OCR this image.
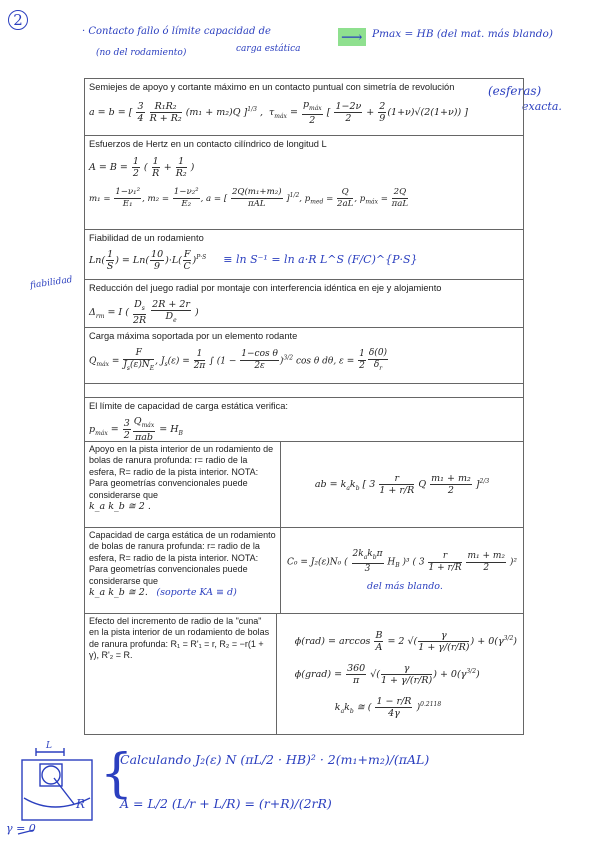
2
· Contacto fallo ó límite capacidad de
carga estática
(no del rodamiento)
⟶ Pmax = HB (del mat. más blando)
(esferas)
exacta.
fiabilidad
Semiejes de apoyo y cortante máximo en un contacto puntual con simetría de revolución
a = b = [ $\frac{3}{4}$
$\frac{\text{R₁R₂}}{\text{R + R₂}} (m_1 + m_2)Q$ ]$^{1/3}$ ,  $\tau_{máx} = \frac{p_{máx}}{2}$ [ $\frac{1-2\nu}{2} + \frac{2}{9} (1+\nu)√(2(1+\nu))$ ]
Esfuerzos de Hertz en un contacto cilíndrico de longitud L
$A = B = \frac{1}{2}$ ( $\frac{1}{R} + \frac{1}{\text{R₂}}$ )
$m_1 = \frac{\text{1−ν₁²}}{\text{E₁}}$ , $m_2 = \frac{\text{1−ν₂²}}{\text{E₂}}$ , a = [ $\frac{\text{2Q(m₁+m₂)}}{\text{πAL}} ]^{1/2}$, $p_{med} = \frac{Q}{2aL}$ , $p_{máx} = \frac{2Q}{\text{πaL}}$
Fiabilidad de un rodamiento
$Ln( \frac{1}{S}$ ) = $Ln( \frac{10}{9} )\cdot L( \frac{F}{C} )^{P\cdot S} \equiv \ln S^{-1} = \ln a\cdot R$ L^S (F/C)^{P·S}
Reducción del juego radial por montaje con interferencia idéntica en eje y alojamiento
$\Delta_{rm} = I$ ( $\frac{D_s}{2R}$
$\frac{2R + 2r}{D_e}$ )
Carga máxima soportada por un elemento rodante
$Q_{máx} = \frac{F}{J_s(\varepsilon)N_E}$ , $J_s(\varepsilon) = \frac{1}{2\pi}$ ∫ $(1 - \frac{\text{1−cos θ}}{2\varepsilon} )^{3/2}$ cos θ dθ, $\varepsilon = \frac{1}{2} \frac{\delta(0)}{\delta_r}$
El límite de capacidad de carga estática verifica:
$p_{máx} = \frac{3}{2} \frac{Q_{máx}}{\text{πab}} = H_B$
Apoyo en la pista interior de un rodamiento de bolas de ranura profunda: r= radio de la esfera, R= radio de la pista interior. NOTA: Para geometrías convencionales puede considerarse que
k_a k_b ≅ 2 .
ab = $k_ak_b$ [ $3 \frac{r}{1 + r/R}$ Q $\frac{\text{m₁ + m₂}}{2} ]^{2/3}$
Capacidad de carga estática de un rodamiento de bolas de ranura profunda: r= radio de la esfera, R= radio de la pista interior. NOTA: Para geometrías convencionales puede considerarse que
k_a k_b ≅ 2. (soporte KA ≡ d)
C₀ = J₂(ε)N₀ ( $\frac{2k_ak_b\pi}{3} H_B$ )³ ( $3 \frac{r}{1 + r/R}$
$\frac{\text{m₁ + m₂}}{2} )^2$
del más blando.
Efecto del incremento de radio de la "cuna" en la pista interior de un rodamiento de bolas de ranura profunda: R₁ = R'₁ = r, R₂ = −r(1 + γ), R'₂ = R.
$\phi(rad) = \arccos \frac{B}{A} = 2$ √( $\frac{\gamma}{1 + \gamma/(r/R)}$ ) + $0(\gamma^{3/2})$
ϕ(grad) = $\frac{360}{\pi}$ √( $\frac{\gamma}{1 + \gamma/(r/R)}$ ) + $0(\gamma^{3/2})$
$k_ak_b$ ≅ ( $\frac{1 - r/R}{4\gamma} )^{0.2118}$
R
L
γ = 0
{
Calculando J₂(ε) N (πL/2 · HB)² · 2(m₁+m₂)/(πAL)
A = L/2 (L/r + L/R) = (r+R)/(2rR)
